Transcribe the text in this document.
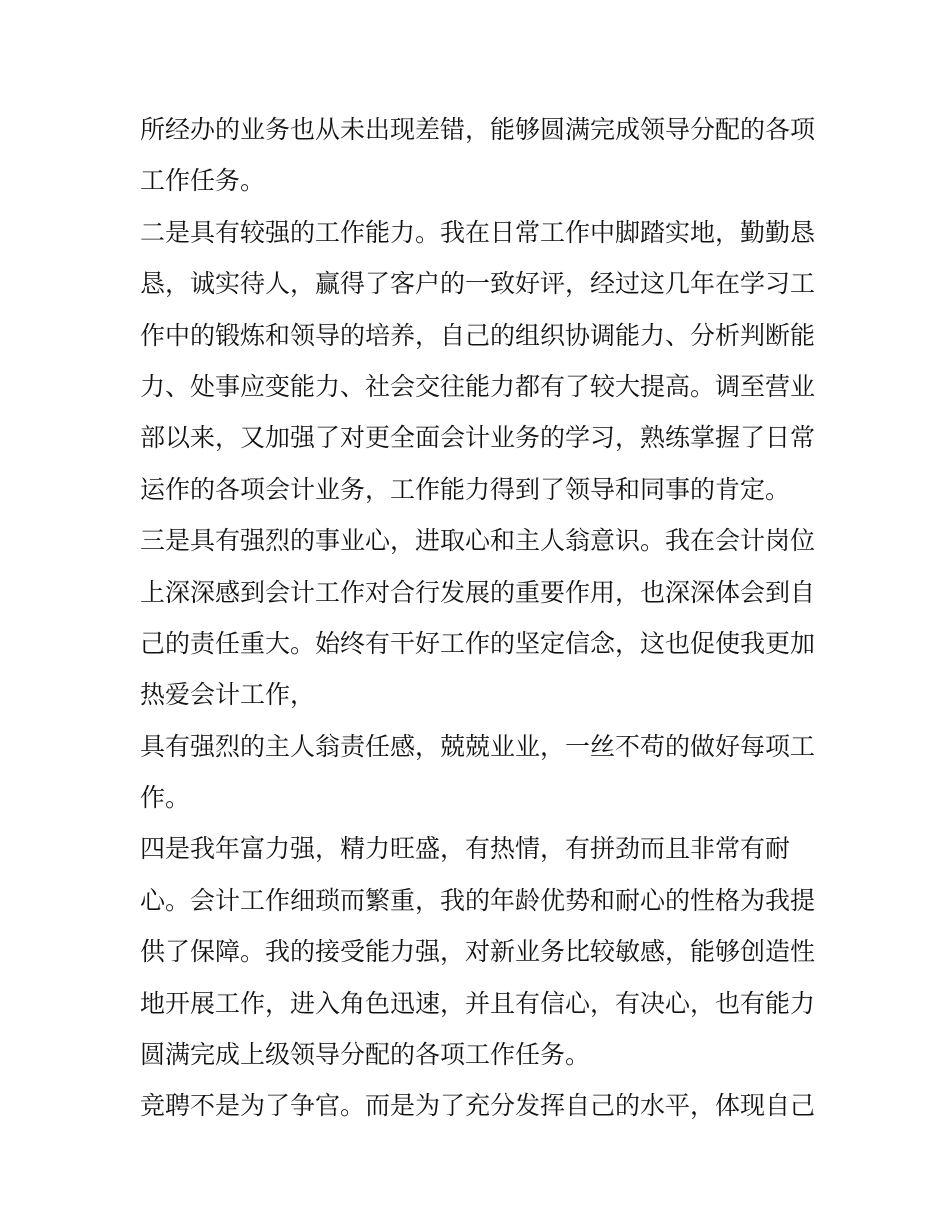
所经办的业务也从未出现差错，能够圆满完成领导分配的各项
工作任务。
二是具有较强的工作能力。我在日常工作中脚踏实地，勤勤恳
恳，诚实待人，赢得了客户的一致好评，经过这几年在学习工
作中的锻炼和领导的培养，自己的组织协调能力、分析判断能
力、处事应变能力、社会交往能力都有了较大提高。调至营业
部以来，又加强了对更全面会计业务的学习，熟练掌握了日常
运作的各项会计业务，工作能力得到了领导和同事的肯定。
三是具有强烈的事业心，进取心和主人翁意识。我在会计岗位
上深深感到会计工作对合行发展的重要作用，也深深体会到自
己的责任重大。始终有干好工作的坚定信念，这也促使我更加
热爱会计工作，
具有强烈的主人翁责任感，兢兢业业，一丝不苟的做好每项工
作。
四是我年富力强，精力旺盛，有热情，有拼劲而且非常有耐
心。会计工作细琐而繁重，我的年龄优势和耐心的性格为我提
供了保障。我的接受能力强，对新业务比较敏感，能够创造性
地开展工作，进入角色迅速，并且有信心，有决心，也有能力
圆满完成上级领导分配的各项工作任务。
竞聘不是为了争官。而是为了充分发挥自己的水平，体现自己
